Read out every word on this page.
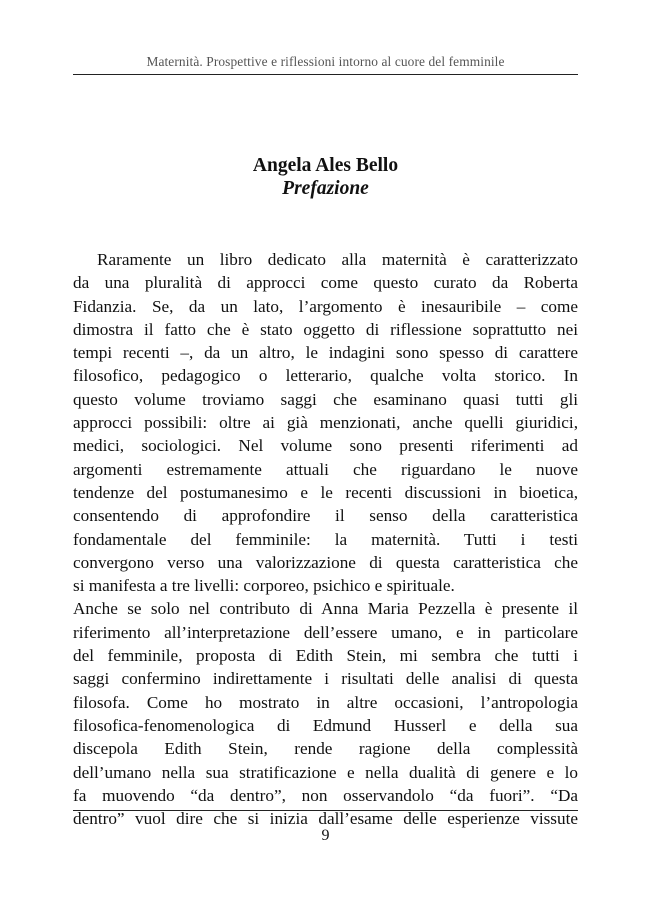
Maternità. Prospettive e riflessioni intorno al cuore del femminile
Angela Ales Bello
Prefazione
Raramente un libro dedicato alla maternità è caratterizzato
da una pluralità di approcci come questo curato da Roberta
Fidanzia. Se, da un lato, l’argomento è inesauribile – come
dimostra il fatto che è stato oggetto di riflessione soprattutto nei
tempi recenti –, da un altro, le indagini sono spesso di carattere
filosofico, pedagogico o letterario, qualche volta storico. In
questo volume troviamo saggi che esaminano quasi tutti gli
approcci possibili: oltre ai già menzionati, anche quelli giuridici,
medici, sociologici. Nel volume sono presenti riferimenti ad
argomenti estremamente attuali che riguardano le nuove
tendenze del postumanesimo e le recenti discussioni in bioetica,
consentendo di approfondire il senso della caratteristica
fondamentale del femminile: la maternità. Tutti i testi
convergono verso una valorizzazione di questa caratteristica che
si manifesta a tre livelli: corporeo, psichico e spirituale.
Anche se solo nel contributo di Anna Maria Pezzella è presente il
riferimento all’interpretazione dell’essere umano, e in particolare
del femminile, proposta di Edith Stein, mi sembra che tutti i
saggi confermino indirettamente i risultati delle analisi di questa
filosofa. Come ho mostrato in altre occasioni, l’antropologia
filosofica-fenomenologica di Edmund Husserl e della sua
discepola Edith Stein, rende ragione della complessità
dell’umano nella sua stratificazione e nella dualità di genere e lo
fa muovendo “da dentro”, non osservandolo “da fuori”. “Da
dentro” vuol dire che si inizia dall’esame delle esperienze vissute
9
